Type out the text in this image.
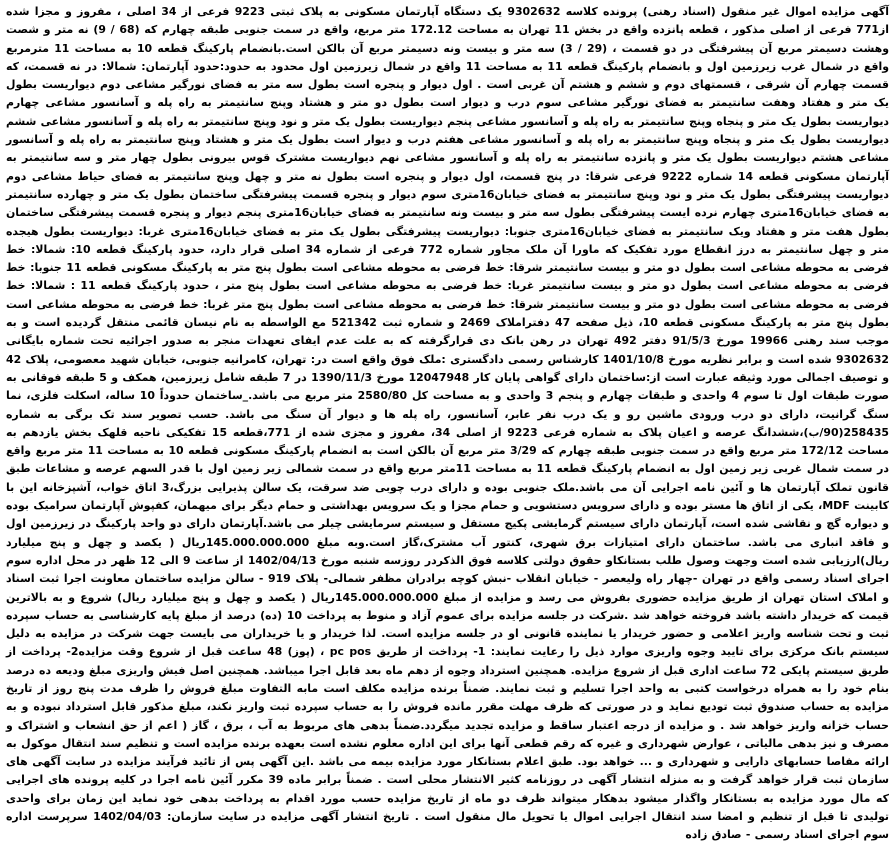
آگهی مزایده اموال غیر منقول (اسناد رهنی) پرونده کلاسه 9302632 یک دستگاه آپارتمان مسکونی به پلاک ثبتی 9223 فرعی از 34 اصلی ، مفروز و مجزا شده از771 فرعی از اصلی مذکور ، قطعه پانزده واقع در بخش 11 تهران به مساحت 172.12 متر مربع، واقع در سمت جنوبی طبقه چهارم که (68 / 9) نه متر و شصت وهشت دسیمتر مربع آن پیشرفتگی در دو قسمت ، (29 / 3) سه متر و بیست ونه دسیمتر مربع آن بالکن است.بانضمام پارکینگ قطعه 10 به مساحت 11 مترمربع واقع در شمال غرب زیرزمین اول و بانضمام پارکینگ قطعه 11 به مساحت 11 واقع در شمال زیرزمین اول محدود به حدود:حدود آپارتمان: شمالا: در نه قسمت، که قسمت چهارم آن شرقی ، قسمتهای دوم و ششم و هشتم آن غربی است . اول دیوار و پنجره است بطول سه متر به فضای نورگیر مشاعی دوم دیواریست بطول یک متر و هفتاد وهفت سانتیمتر به فضای نورگیر مشاعی سوم درب و دیوار است بطول دو متر و هشتاد وپنج سانتیمتر به راه پله و آسانسور مشاعی چهارم دیواریست بطول یک متر و پنجاه وپنج سانتیمتر به راه پله و آسانسور مشاعی پنجم دیواریست بطول یک متر و نود وپنج سانتیمتر به راه پله و آسانسور مشاعی ششم دیواریست بطول یک متر و پنجاه وپنج سانتیمتر به راه پله و آسانسور مشاعی هفتم درب و دیوار است بطول یک متر و هشتاد وپنج سانتیمتر به راه پله و آسانسور مشاعی هشتم دیواریست بطول یک متر و پانزده سانتیمتر به راه پله و آسانسور مشاعی نهم دیواریست مشترک قوس بیرونی بطول چهار متر و سه سانتیمتر به آپارتمان مسکونی قطعه 14 شماره 9222 فرعی شرقا: در پنج قسمت، اول دیوار و پنجره است بطول نه متر و چهل وپنج سانتیمتر به فضای حیاط مشاعی دوم دیواریست پیشرفتگی بطول یک متر و نود وپنج سانتیمتر به فضای خیابان16متری سوم دیوار و پنجره قسمت پیشرفتگی ساختمان بطول یک متر و چهارده سانتیمتر به فضای خیابان16متری چهارم نرده ایست پیشرفتگی بطول سه متر و بیست ونه سانتیمتر به فضای خیابان16متری پنجم دیوار و پنجره قسمت پیشرفتگی ساختمان بطول هفت متر و هفتاد ویک سانتیمتر به فضای خیابان16متری جنوبا: دیواریست پیشرفتگی بطول یک متر به فضای خیابان16متری غربا: دیواریست بطول هیجده متر و چهل سانتیمتر به درز انقطاع مورد تفکیک که ماورا آن ملک مجاور شماره 772 فرعی از شماره 34 اصلی قرار دارد، حدود پارکینگ قطعه 10: شمالا: خط فرضی به محوطه مشاعی است بطول دو متر و بیست سانتیمتر شرقا: خط فرضی به محوطه مشاعی است بطول پنج متر به پارکینگ مسکونی قطعه 11 جنوبا: خط فرضی به محوطه مشاعی است بطول دو متر و بیست سانتیمتر غربا: خط فرضی به محوطه مشاعی است بطول پنج متر ، حدود پارکینگ قطعه 11 : شمالا: خط فرضی به محوطه مشاعی است بطول دو متر و بیست سانتیمتر شرقا: خط فرضی به محوطه مشاعی است بطول پنج متر غربا: خط فرضی به محوطه مشاعی است بطول پنج متر به پارکینگ مسکونی قطعه 10، ذیل صفحه 47 دفتراملاک 2469 و شماره ثبت 521342 مع الواسطه به نام نیسان قائمی منتقل گردیده است و به موجب سند رهنی 19966 مورخ 91/5/3 دفتر 492 تهران در رهن بانک دی قرارگرفته که به علت عدم ایفای تعهدات منجر به صدور اجرائیه تحت شماره بایگانی 9302632 شده است و برابر نظریه مورخ 1401/10/8 کارشناس رسمی دادگستری :ملک فوق واقع است در: تهران، کامرانیه جنوبی، خیابان شهید معصومی، پلاک 42 و توصیف اجمالی مورد وثیقه عبارت است از:ساختمان دارای گواهی پایان کار 12047948 مورخ 1390/11/3 در 7 طبقه شامل زیرزمین، همکف و 5 طبقه فوقانی به صورت طبقات اول تا سوم 4 واحدی و طبقات چهارم و پنجم 3 واحدی و به مساحت کل 2580/80 متر مربع می باشد._ساختمان حدوداً 10 ساله، اسکلت فلزی، نما سنگ گرانیت، دارای دو درب ورودی ماشین رو و یک درب نفر عابر، آسانسور، راه پله ها و دیوار آن سنگ می باشد. حسب تصویر سند تک برگی به شماره 258435(90/ب)،ششدانگ عرصه و اعیان پلاک به شماره فرعی 9223 از اصلی 34، مفروز و مجزی شده از 771،قطعه 15 تفکیکی ناحیه قلهک بخش یازدهم به مساحت 172/12 متر مربع واقع در سمت جنوبی طبقه چهارم که 3/29 متر مربع آن بالکن است به انضمام پارکینگ مسکونی قطعه 10 به مساحت 11 متر مربع واقع در سمت شمال غربی زیر زمین اول به انضمام پارکینگ قطعه 11 به مساحت 11متر مربع واقع در سمت شمالی زیر زمین اول با قدر السهم عرصه و مشاعات طبق قانون تملک آپارتمان ها و آئین نامه اجرایی آن می باشد.ملک جنوبی بوده و دارای درب چوبی ضد سرقت، یک سالن پذیرایی بزرگ،3 اتاق خواب، آشپزخانه این با کابینت MDF، یکی از اتاق ها مستر بوده و دارای سرویس دستشویی و حمام مجزا و یک سرویس بهداشتی و حمام دیگر برای میهمان، کفپوش آپارتمان سرامیک بوده و دیواره گچ و نقاشی شده است، آپارتمان دارای سیستم گرمایشی پکیج مستقل و سیستم سرمایشی چیلر می باشد.آپارتمان دارای دو واحد پارکینگ در زیرزمین اول و فاقد انباری می باشد. ساختمان دارای امتیازات برق شهری، کنتور آب مشترک،گاز است.وبه مبلغ 145.000.000.000ریال ( یکصد و چهل و پنج میلیارد ریال)ارزیابی شده است وجهت وصول طلب بستانکاو حقوق دولتی کلاسه فوق الذکردر روزسه شنبه مورخ 1402/04/13 از ساعت 9 الی 12 ظهر در محل اداره سوم اجرای اسناد رسمی واقع در تهران -چهار راه ولیعصر - خیابان انقلاب -نبش کوچه برادران مظفر شمالی- پلاک 919 - سالن مزایده ساختمان معاونت اجرا ثبت اسناد و املاک استان تهران از طریق مزایده حضوری بفروش می رسد و مزایده از مبلغ 145.000.000.000ریال ( یکصد و چهل و پنج میلیارد ریال) شروع و به بالاترین قیمت که خریدار داشته باشد فروخته خواهد شد .شرکت در جلسه مزایده برای عموم آزاد و منوط به پرداخت 10 (ده) درصد از مبلغ پایه کارشناسی به حساب سپرده ثبت و تحت شناسه واریز اعلامی و حضور خریدار یا نماینده قانونی او در جلسه مزایده است. لذا خریدار و یا خریداران می بایست جهت شرکت در مزایده به دلیل سیستم بانک مرکزی برای تایید وجوه واریزی موارد ذیل را رعایت نمایند: 1- پرداخت از طریق pc pos ، (پوز) 48 ساعت قبل از شروع وقت مزایده2- پرداخت از طریق سیستم پایکی 72 ساعت اداری قبل از شروع مزایده. همچنین استرداد وجوه از دهم ماه بعد قابل اجرا میباشد. همچنین اصل فیش واریزی مبلغ ودیعه ده درصد بنام خود را به همراه درخواست کتبی به واحد اجرا تسلیم و ثبت نمایند. ضمناً برنده مزایده مکلف است مابه التفاوت مبلغ فروش را ظرف مدت پنج روز از تاریخ مزایده به حساب صندوق ثبت تودیع نماید و در صورتی که ظرف مهلت مقرر مانده فروش را به حساب سپرده ثبت واریز نکند، مبلغ مذکور قابل استرداد نبوده و به حساب خزانه واریز خواهد شد . و مزایده از درجه اعتبار ساقط و مزایده تجدید میگردد.ضمناً بدهی های مربوط به آب ، برق ، گاز ( اعم از حق انشعاب و اشتراک و مصرف و نیز بدهی مالیاتی ، عوارض شهرداری و غیره که رقم قطعی آنها برای این اداره معلوم نشده است بعهده برنده مزایده است و تنظیم سند انتقال موکول به ارائه مفاصا حسابهای دارایی و شهرداری و ... خواهد بود. طبق اعلام بستانکار مورد مزایده بیمه می باشد .این آگهی پس از تائید فرآیند مزایده در سایت آگهی های سازمان ثبت قرار خواهد گرفت و به منزله انتشار آگهی در روزنامه کثیر الانتشار محلی است . ضمناً برابر ماده 39 مکرر آئین نامه اجرا در کلیه پرونده های اجرایی که مال مورد مزایده به بستانکار واگذار میشود بدهکار میتواند ظرف دو ماه از تاریخ مزایده حسب مورد اقدام به پرداخت بدهی خود نماید این زمان برای واحدی تولیدی تا قبل از تنظیم و امضا سند انتقال اجرایی اموال یا تحویل مال منقول است . تاریخ انتشار آگهی مزایده در سایت سازمان: 1402/04/03 سرپرست اداره سوم اجرای اسناد رسمی - صادق زاده
